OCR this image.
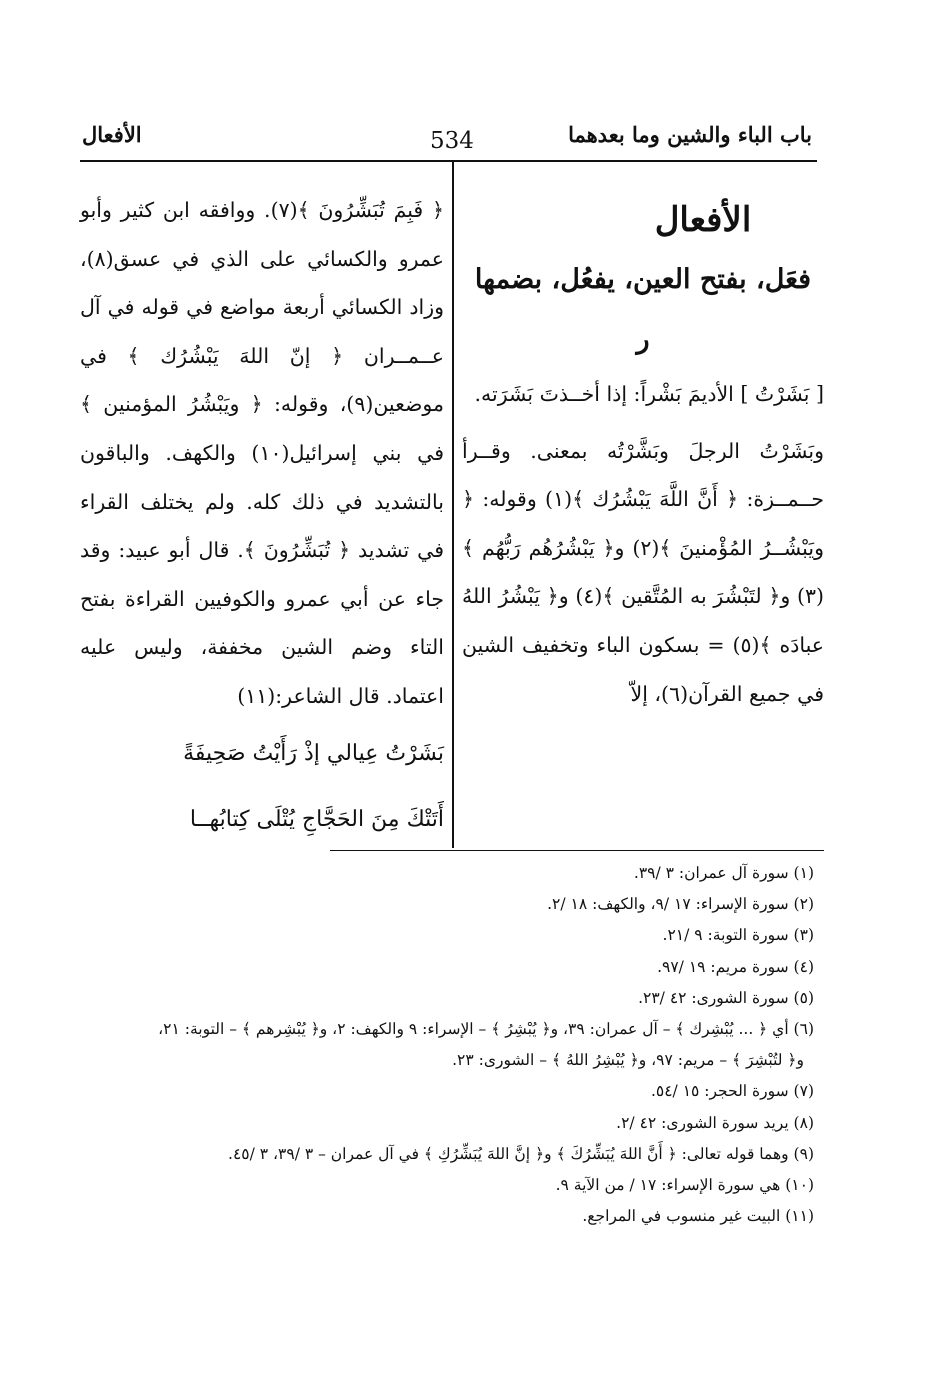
باب الباء والشين وما بعدهما
534
الأفعال

الأفعال

فعَل، بفتح العين، يفعُل، بضمها

ر

[ بَشَرْتُ ] الأديمَ بَشْراً: إذا أخــذتَ بَشَرَته.

وبَشَرْتُ الرجلَ وبَشَّرْتُه بمعنى. وقــرأ حــمــزة: ﴿ أَنَّ اللَّهَ يَبْشُرُك ﴾(١) وقوله: ﴿ ويَبْشُــرُ المُؤْمنينَ ﴾(٢) و﴿ يَبْشُرُهُم رَبُّهُم ﴾(٣) و﴿ لتَبْشُرَ به المُتَّقين ﴾(٤) و﴿ يَبْشُرُ اللهُ عبادَه ﴾(٥) = بسكون الباء وتخفيف الشين في جميع القرآن(٦)، إلاّ

﴿ فَبِمَ تُبَشِّرُونَ ﴾(٧). ووافقه ابن كثير وأبو عمرو والكسائي على الذي في عسق(٨)، وزاد الكسائي أربعة مواضع في قوله في آل عــمــران ﴿ إنّ اللهَ يَبْشُرُك ﴾ في موضعين(٩)، وقوله: ﴿ ويَبْشُرُ المؤمنين ﴾ في بني إسرائيل(١٠) والكهف. والباقون بالتشديد في ذلك كله. ولم يختلف القراء في تشديد ﴿ تُبَشِّرُونَ ﴾. قال أبو عبيد: وقد جاء عن أبي عمرو والكوفيين القراءة بفتح التاء وضم الشين مخففة، وليس عليه اعتماد. قال الشاعر:(١١)

بَشَرْتُ عِيالي إذْ رَأَيْتُ صَحِيفَةً
أَتَتْكَ مِنَ الحَجَّاجِ يُتْلَى كِتابُهــا

(١) سورة آل عمران: ٣ /٣٩.

(٢) سورة الإسراء: ١٧ /٩، والكهف: ١٨ /٢.

(٣) سورة التوبة: ٩ /٢١.

(٤) سورة مريم: ١٩ /٩٧.

(٥) سورة الشورى: ٤٢ /٢٣.

(٦) أي ﴿ ... يُبْشِرك ﴾ – آل عمران: ٣٩، و﴿ يُبْشِرُ ﴾ – الإسراء: ٩ والكهف: ٢، و﴿ يُبْشِرهم ﴾ – التوبة: ٢١،

و﴿ لتُبْشِرَ ﴾ – مريم: ٩٧، و﴿ يُبْشِرُ اللهُ ﴾ – الشورى: ٢٣.

(٧) سورة الحجر: ١٥ /٥٤.

(٨) يريد سورة الشورى: ٤٢ /٢.

(٩) وهما قوله تعالى: ﴿ أَنَّ اللهَ يُبَشِّرُكَ ﴾ و﴿ إنَّ اللهَ يُبَشِّرُكِ ﴾ في آل عمران – ٣ /٣٩، ٣ /٤٥.

(١٠) هي سورة الإسراء: ١٧ / من الآية ٩.

(١١) البيت غير منسوب في المراجع.
